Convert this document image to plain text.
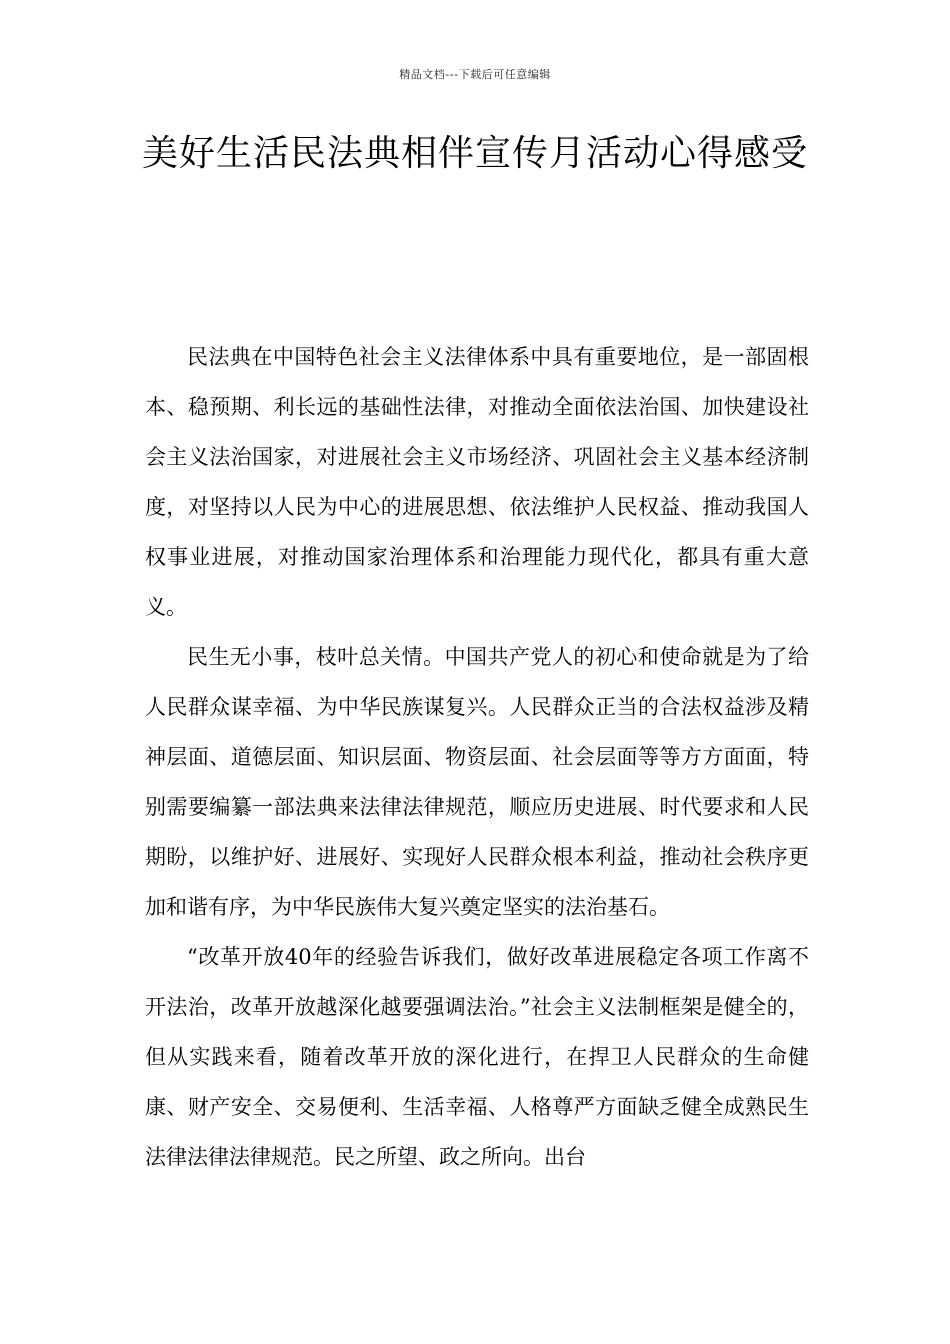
精品文档---下载后可任意编辑
美好生活民法典相伴宣传月活动心得感受

民法典在中国特色社会主义法律体系中具有重要地位，是一部固根本、稳预期、利长远的基础性法律，对推动全面依法治国、加快建设社会主义法治国家，对进展社会主义市场经济、巩固社会主义基本经济制度，对坚持以人民为中心的进展思想、依法维护人民权益、推动我国人权事业进展，对推动国家治理体系和治理能力现代化，都具有重大意义。

民生无小事，枝叶总关情。中国共产党人的初心和使命就是为了给人民群众谋幸福、为中华民族谋复兴。人民群众正当的合法权益涉及精神层面、道德层面、知识层面、物资层面、社会层面等等方方面面，特别需要编纂一部法典来法律法律规范，顺应历史进展、时代要求和人民期盼，以维护好、进展好、实现好人民群众根本利益，推动社会秩序更加和谐有序，为中华民族伟大复兴奠定坚实的法治基石。

“改革开放40年的经验告诉我们，做好改革进展稳定各项工作离不开法治，改革开放越深化越要强调法治。”社会主义法制框架是健全的，但从实践来看，随着改革开放的深化进行，在捍卫人民群众的生命健康、财产安全、交易便利、生活幸福、人格尊严方面缺乏健全成熟民生法律法律法律规范。民之所望、政之所向。出台
